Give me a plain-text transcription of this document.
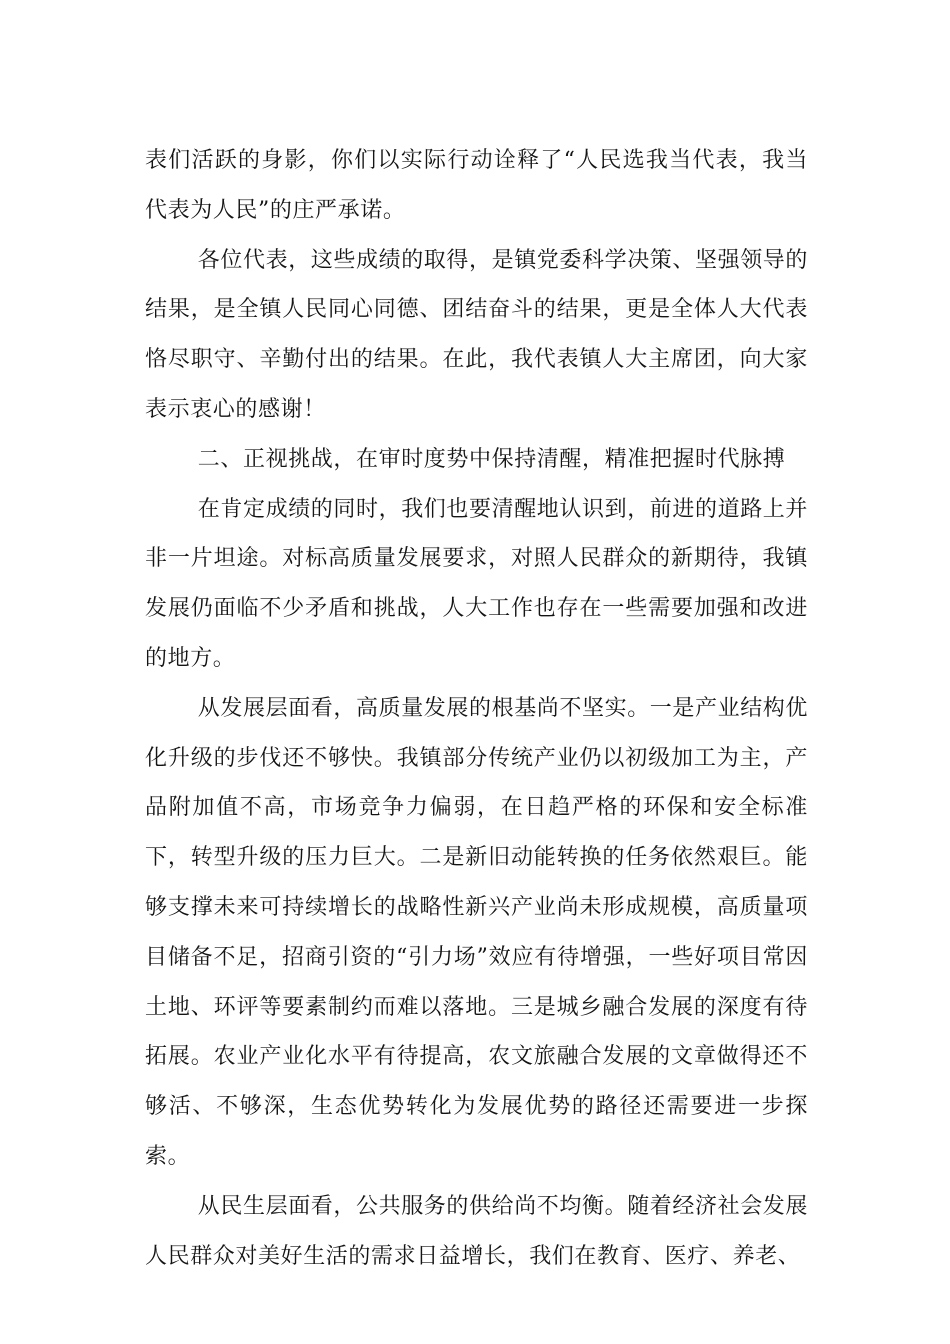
表们活跃的身影，你们以实际行动诠释了“人民选我当代表，我当代表为人民”的庄严承诺。

各位代表，这些成绩的取得，是镇党委科学决策、坚强领导的结果，是全镇人民同心同德、团结奋斗的结果，更是全体人大代表恪尽职守、辛勤付出的结果。在此，我代表镇人大主席团，向大家表示衷心的感谢！

二、正视挑战，在审时度势中保持清醒，精准把握时代脉搏

在肯定成绩的同时，我们也要清醒地认识到，前进的道路上并非一片坦途。对标高质量发展要求，对照人民群众的新期待，我镇发展仍面临不少矛盾和挑战，人大工作也存在一些需要加强和改进的地方。

从发展层面看，高质量发展的根基尚不坚实。一是产业结构优化升级的步伐还不够快。我镇部分传统产业仍以初级加工为主，产品附加值不高，市场竞争力偏弱，在日趋严格的环保和安全标准下，转型升级的压力巨大。二是新旧动能转换的任务依然艰巨。能够支撑未来可持续增长的战略性新兴产业尚未形成规模，高质量项目储备不足，招商引资的“引力场”效应有待增强，一些好项目常因土地、环评等要素制约而难以落地。三是城乡融合发展的深度有待拓展。农业产业化水平有待提高，农文旅融合发展的文章做得还不够活、不够深，生态优势转化为发展优势的路径还需要进一步探索。

从民生层面看，公共服务的供给尚不均衡。随着经济社会发展人民群众对美好生活的需求日益增长，我们在教育、医疗、养老、
